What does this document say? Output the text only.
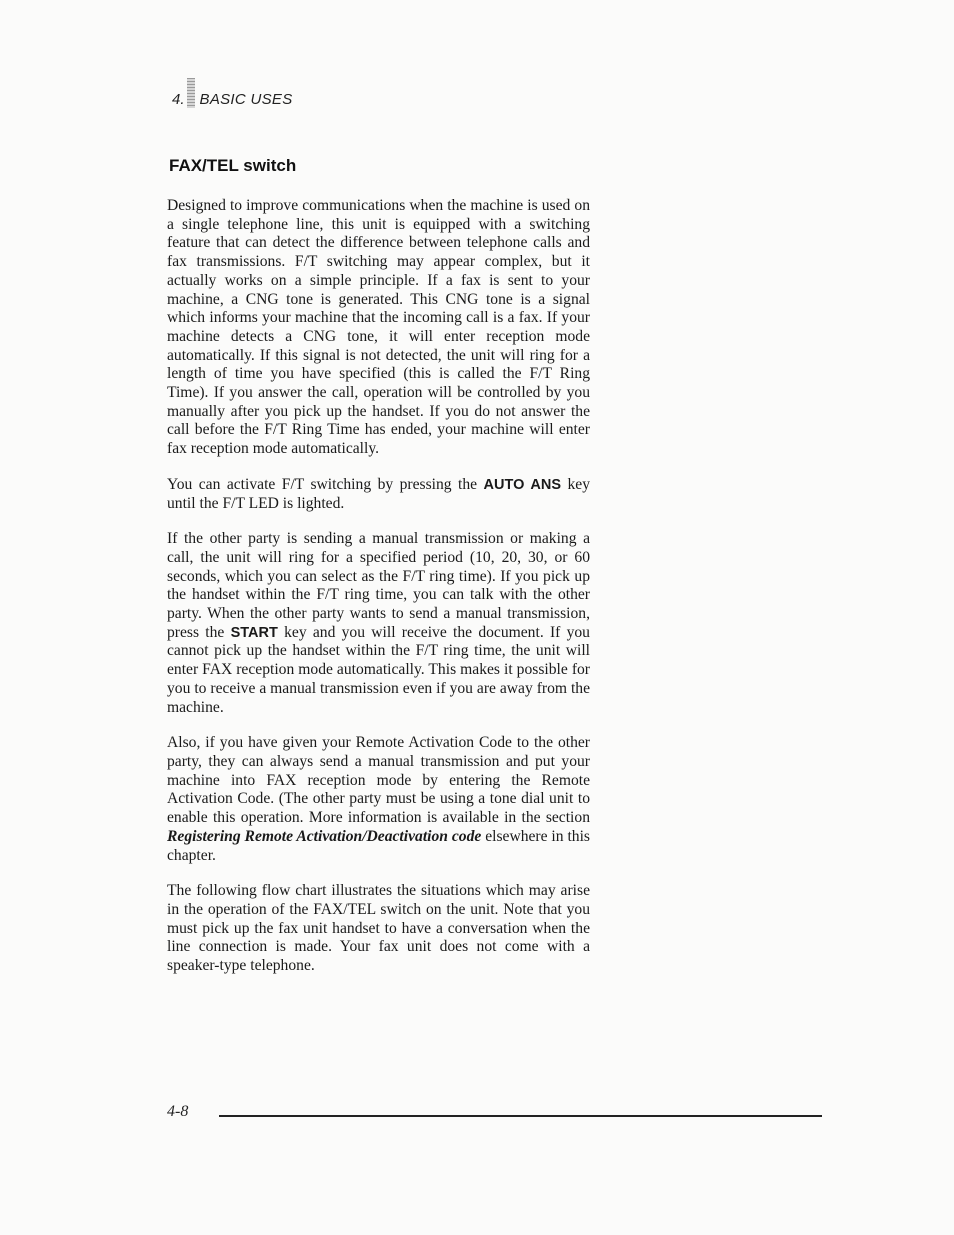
4. BASIC USES
FAX/TEL switch

Designed to improve communications when the machine is used on a single telephone line, this unit is equipped with a switching feature that can detect the difference between telephone calls and fax transmissions. F/T switching may appear complex, but it actually works on a simple principle. If a fax is sent to your machine, a CNG tone is generated. This CNG tone is a signal which informs your machine that the incoming call is a fax. If your machine detects a CNG tone, it will enter reception mode automatically. If this signal is not detected, the unit will ring for a length of time you have specified (this is called the F/T Ring Time). If you answer the call, operation will be controlled by you manually after you pick up the handset. If you do not answer the call before the F/T Ring Time has ended, your machine will enter fax reception mode automatically.

You can activate F/T switching by pressing the AUTO ANS key until the F/T LED is lighted.

If the other party is sending a manual transmission or making a call, the unit will ring for a specified period (10, 20, 30, or 60 seconds, which you can select as the F/T ring time). If you pick up the handset within the F/T ring time, you can talk with the other party. When the other party wants to send a manual transmission, press the START key and you will receive the document. If you cannot pick up the handset within the F/T ring time, the unit will enter FAX reception mode automatically. This makes it possible for you to receive a manual transmission even if you are away from the machine.

Also, if you have given your Remote Activation Code to the other party, they can always send a manual transmission and put your machine into FAX reception mode by entering the Remote Activation Code. (The other party must be using a tone dial unit to enable this operation. More information is available in the section Registering Remote Activation/Deactivation code elsewhere in this chapter.

The following flow chart illustrates the situations which may arise in the operation of the FAX/TEL switch on the unit. Note that you must pick up the fax unit handset to have a conversation when the line connection is made. Your fax unit does not come with a speaker-type telephone.

4-8
